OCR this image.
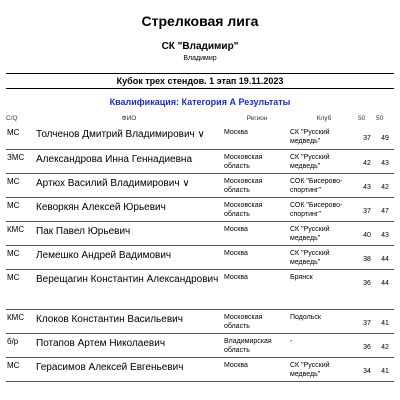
Стрелковая лига
СК "Владимир"
Владимир
Кубок трех стендов. 1 этап 19.11.2023
Квалификация: Категория А Результаты
C/Q	ФИО	Регион	Клуб	50	50
МС	Толченов Дмитрий Владимирович ∨	Москва	СК "Русский медведь"	37	49
ЗМС	Александрова Инна Геннадиевна	Московская область	СК "Русский медведь"	42	43
МС	Артюх Василий Владимирович ∨	Московская область	СОК "Бисерово-спортинг"	43	42
МС	Кеворкян Алексей Юрьевич	Московская область	СОК "Бисерово-спортинг"	37	47
КМС	Пак Павел Юрьевич	Москва	СК "Русский медведь"	40	43
МС	Лемешко Андрей Вадимович	Москва	СК "Русский медведь"	38	44
МС	Верещагин Константин Александрович	Москва	Брянск	36	44
КМС	Клоков Константин Васильевич	Московская область	Подольск	37	41
б/р	Потапов Артем Николаевич	Владимирская область	-	36	42
МС	Герасимов Алексей Евгеньевич	Москва	СК "Русский медведь"	34	41
